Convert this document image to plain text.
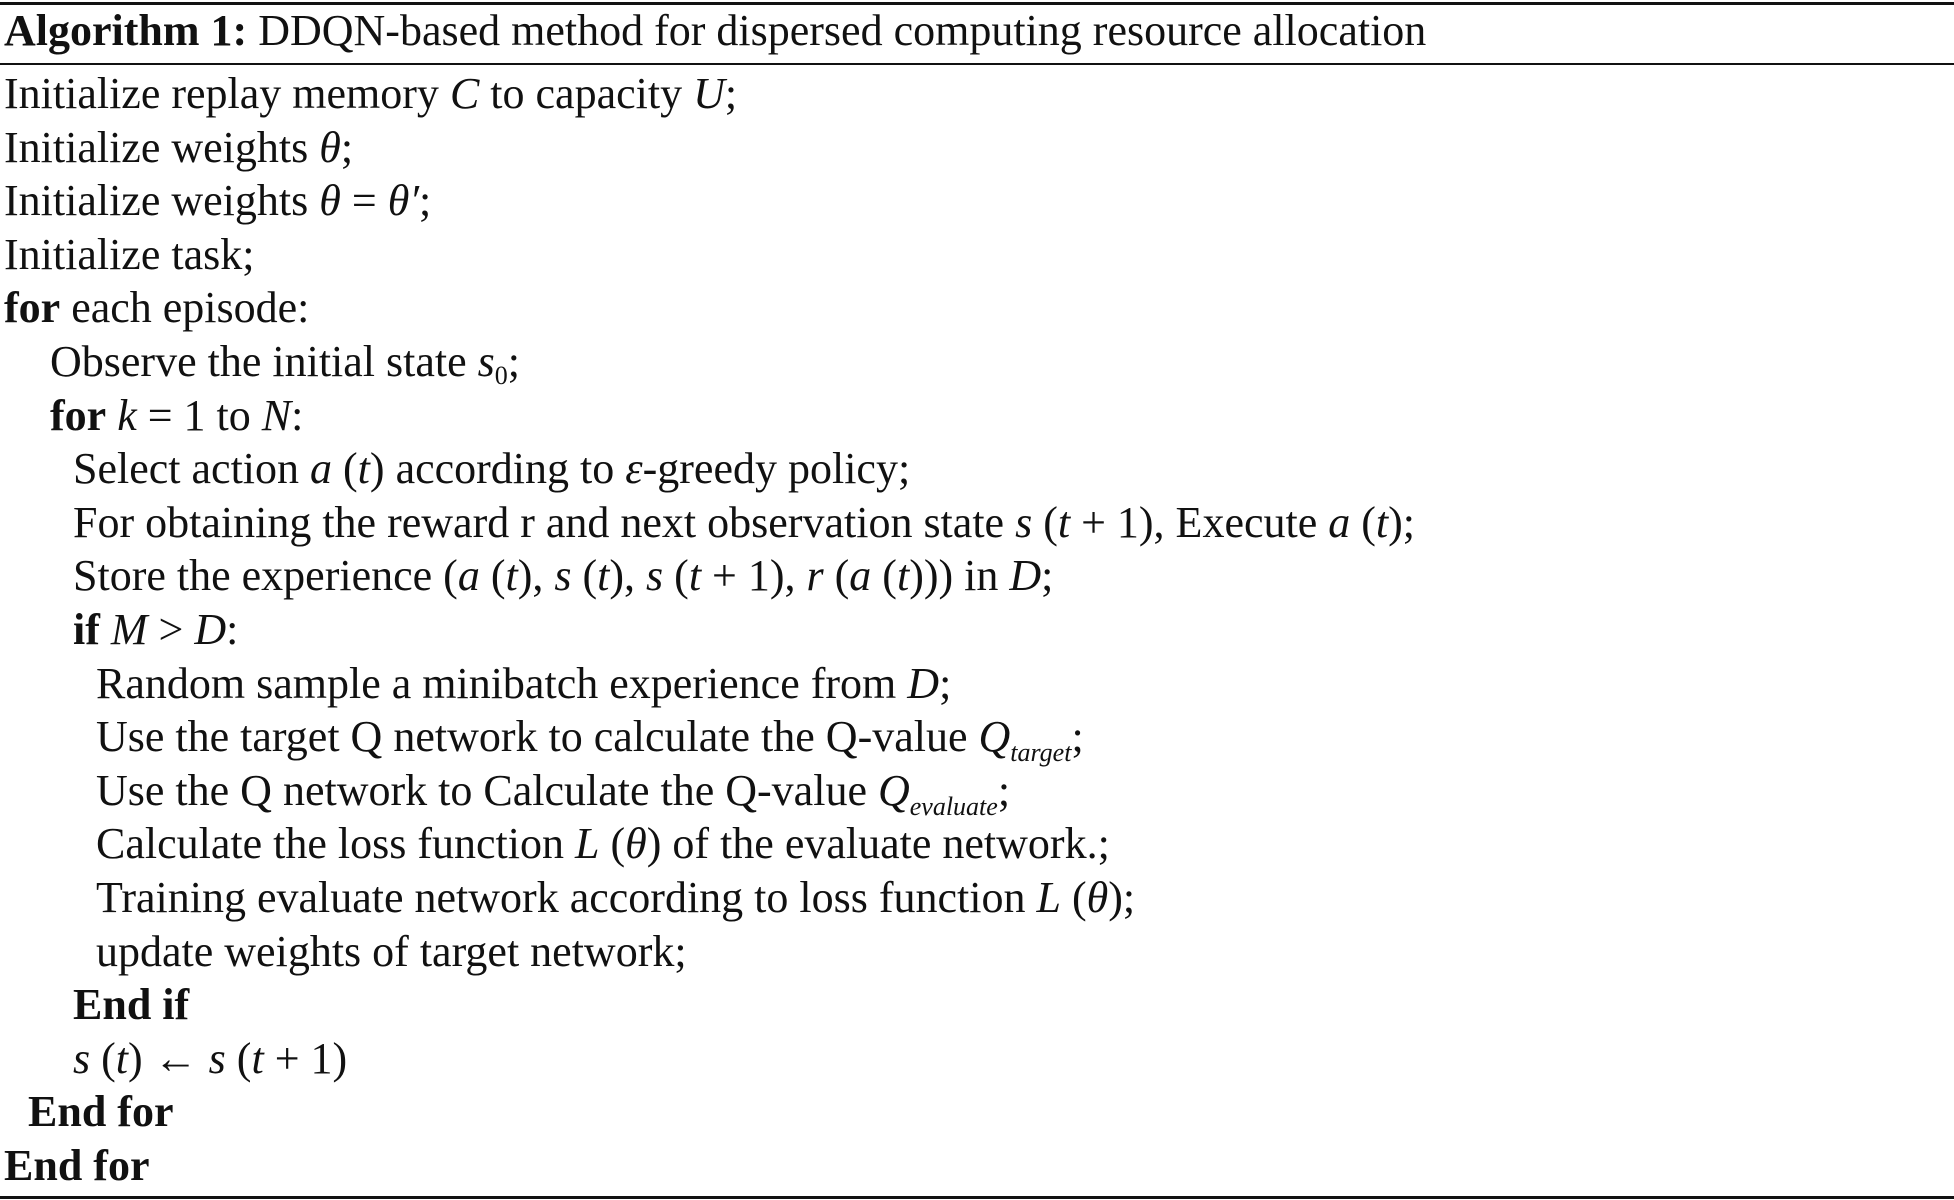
Algorithm 1: DDQN-based method for dispersed computing resource allocation
Initialize replay memory C to capacity U;
Initialize weights θ;
Initialize weights θ = θ′;
Initialize task;
for each episode:
Observe the initial state $s_0$;
for k = 1 to N:
Select action a (t) according to ε-greedy policy;
For obtaining the reward r and next observation state s (t + 1), Execute a (t);
Store the experience (a (t), s (t), s (t + 1), r (a (t))) in D;
if M > D:
Random sample a minibatch experience from D;
Use the target Q network to calculate the Q-value $Q_{target}$;
Use the Q network to Calculate the Q-value $Q_{evaluate}$;
Calculate the loss function L (θ) of the evaluate network.;
Training evaluate network according to loss function L (θ);
update weights of target network;
End if
s (t) ← s (t + 1)
End for
End for
